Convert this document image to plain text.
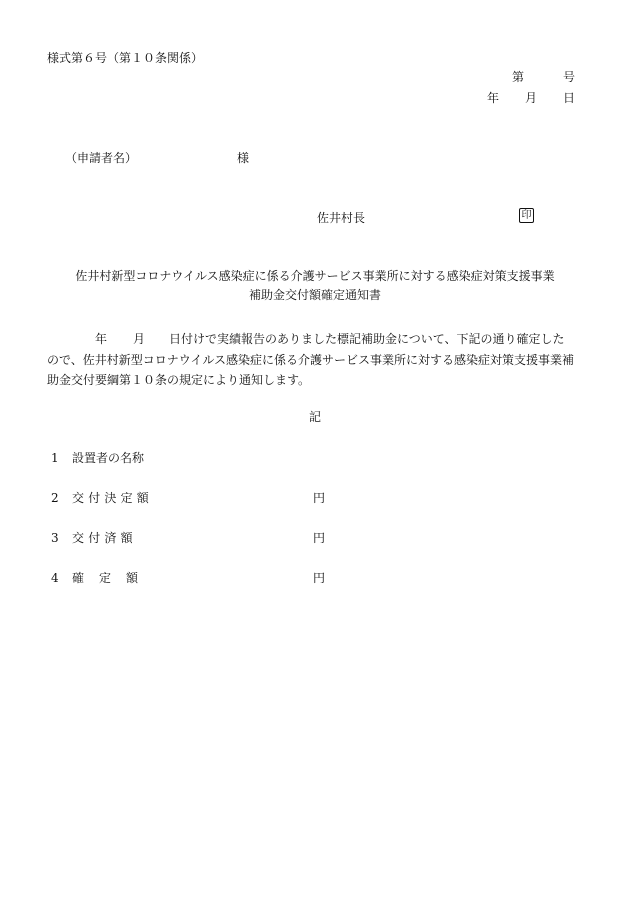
様式第６号（第１０条関係）
第	号
年 月 日
（申請者名）	様
佐井村長	印
佐井村新型コロナウイルス感染症に係る介護サービス事業所に対する感染症対策支援事業
補助金交付額確定通知書
年 月 日付けで実績報告のありました標記補助金について、下記の通り確定した
ので、佐井村新型コロナウイルス感染症に係る介護サービス事業所に対する感染症対策支援事業補
助金交付要綱第１０条の規定により通知します。
記
1 設置者の名称
2 交付決定額	円
3 交付済額	円
4 確定額	円
